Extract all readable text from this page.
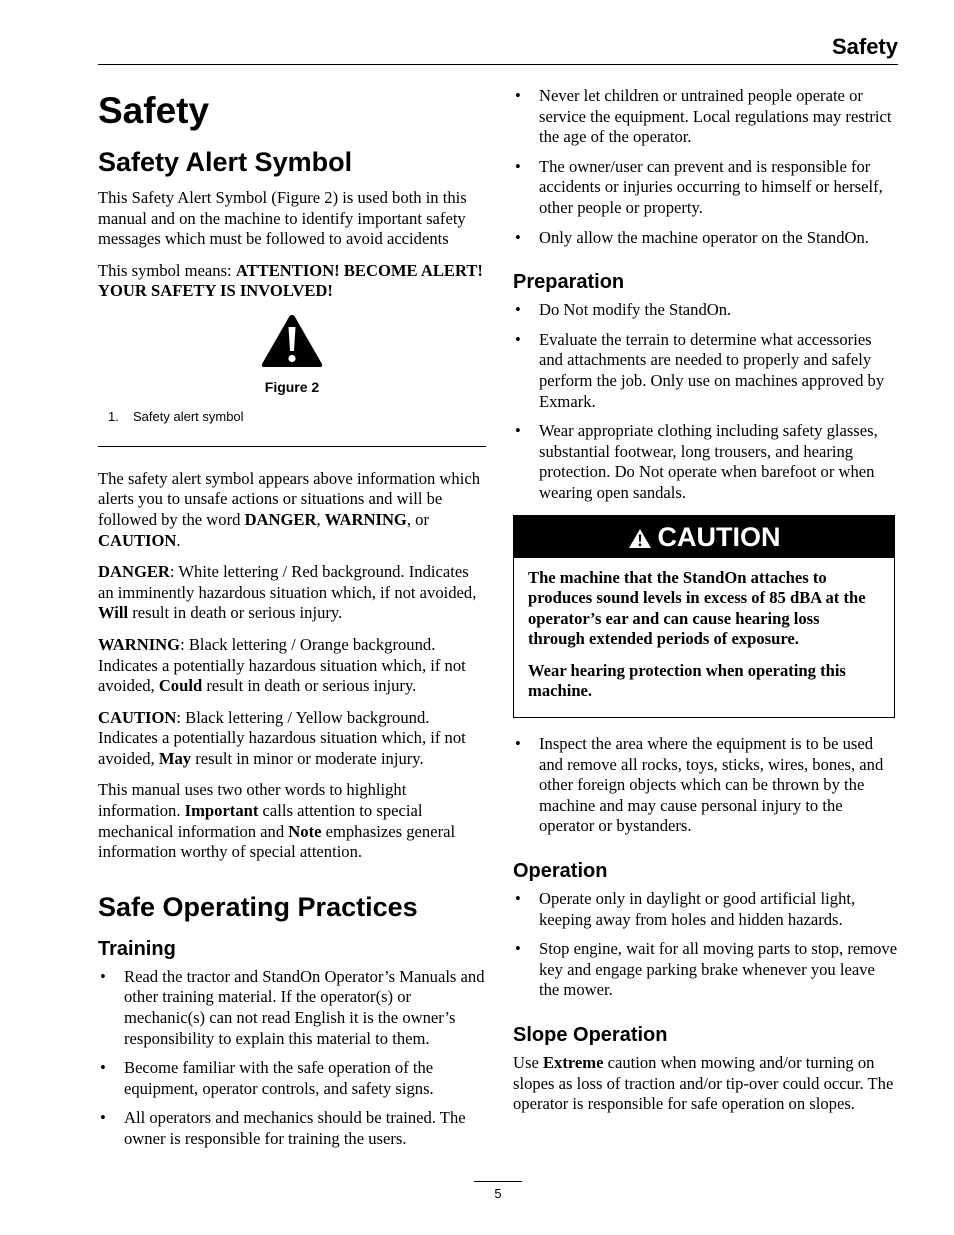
Safety
Safety
Safety Alert Symbol

This Safety Alert Symbol (Figure 2) is used both in this manual and on the machine to identify important safety messages which must be followed to avoid accidents

This symbol means: ATTENTION! BECOME ALERT! YOUR SAFETY IS INVOLVED!

Figure 2
1. Safety alert symbol

The safety alert symbol appears above information which alerts you to unsafe actions or situations and will be followed by the word DANGER, WARNING, or CAUTION.

DANGER: White lettering / Red background. Indicates an imminently hazardous situation which, if not avoided, Will result in death or serious injury.

WARNING: Black lettering / Orange background. Indicates a potentially hazardous situation which, if not avoided, Could result in death or serious injury.

CAUTION: Black lettering / Yellow background. Indicates a potentially hazardous situation which, if not avoided, May result in minor or moderate injury.

This manual uses two other words to highlight information. Important calls attention to special mechanical information and Note emphasizes general information worthy of special attention.

Safe Operating Practices
Training
• Read the tractor and StandOn Operator’s Manuals and other training material. If the operator(s) or mechanic(s) can not read English it is the owner’s responsibility to explain this material to them.
• Become familiar with the safe operation of the equipment, operator controls, and safety signs.
• All operators and mechanics should be trained. The owner is responsible for training the users.
• Never let children or untrained people operate or service the equipment. Local regulations may restrict the age of the operator.
• The owner/user can prevent and is responsible for accidents or injuries occurring to himself or herself, other people or property.
• Only allow the machine operator on the StandOn.
Preparation
• Do Not modify the StandOn.
• Evaluate the terrain to determine what accessories and attachments are needed to properly and safely perform the job. Only use on machines approved by Exmark.
• Wear appropriate clothing including safety glasses, substantial footwear, long trousers, and hearing protection. Do Not operate when barefoot or when wearing open sandals.
CAUTION

The machine that the StandOn attaches to produces sound levels in excess of 85 dBA at the operator’s ear and can cause hearing loss through extended periods of exposure.

Wear hearing protection when operating this machine.

• Inspect the area where the equipment is to be used and remove all rocks, toys, sticks, wires, bones, and other foreign objects which can be thrown by the machine and may cause personal injury to the operator or bystanders.
Operation
• Operate only in daylight or good artificial light, keeping away from holes and hidden hazards.
• Stop engine, wait for all moving parts to stop, remove key and engage parking brake whenever you leave the mower.
Slope Operation

Use Extreme caution when mowing and/or turning on slopes as loss of traction and/or tip-over could occur. The operator is responsible for safe operation on slopes.

5
